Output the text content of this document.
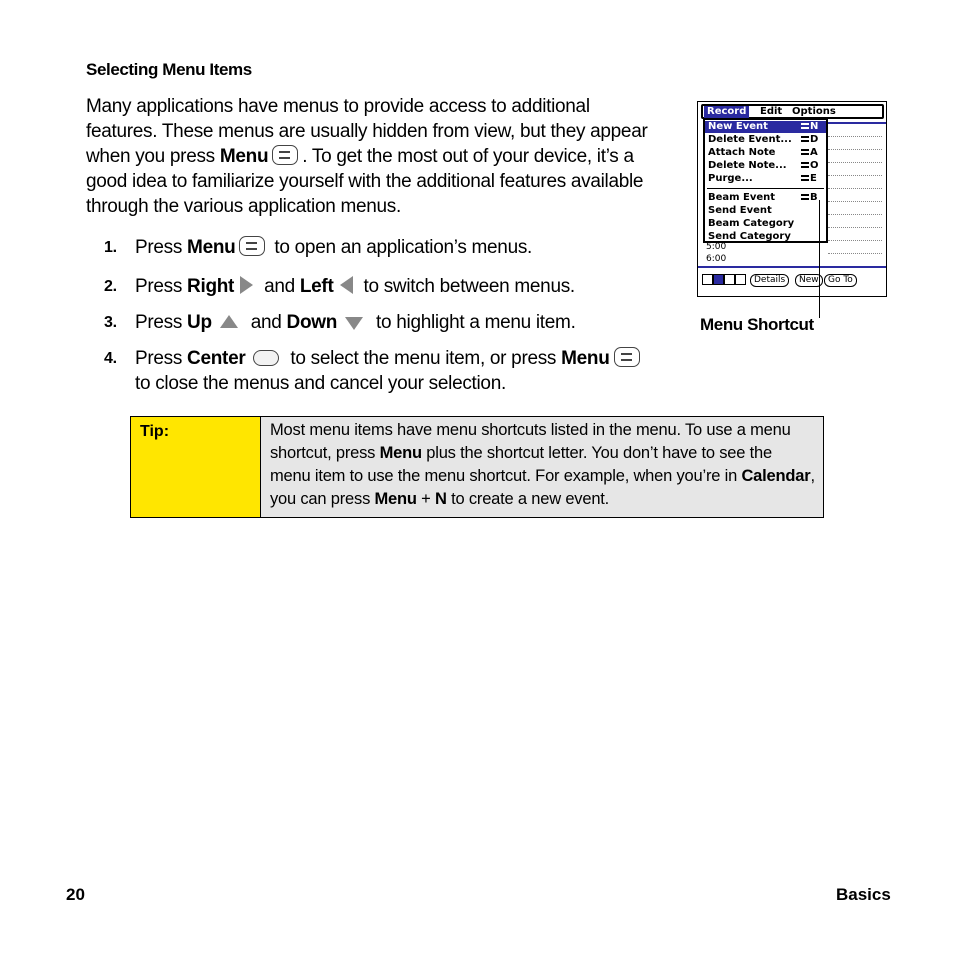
Selecting Menu Items
Many applications have menus to provide access to additional features. These menus are usually hidden from view, but they appear when you press Menu . To get the most out of your device, it’s a good idea to familiarize yourself with the additional features available through the various application menus.
1. Press Menu
to open an application’s menus.
2. Press Right and Left to switch between menus.
3. Press Up and Down to highlight a menu item.
4. Press Center to select the menu item, or press Menu
to close the menus and cancel your selection.
Record	Edit Options
New Event	N
Delete Event...	D
Attach Note	A
Delete Note...	O
Purge...	E
Beam Event	B
Send Event
Beam Category
Send Category
5:00
6:00
Details	New	Go To
Menu Shortcut
Tip:	Most menu items have menu shortcuts listed in the menu. To use a menu shortcut, press Menu plus the shortcut letter. You don’t have to see the menu item to use the menu shortcut. For example, when you’re in Calendar, you can press Menu + N to create a new event.
20	Basics
